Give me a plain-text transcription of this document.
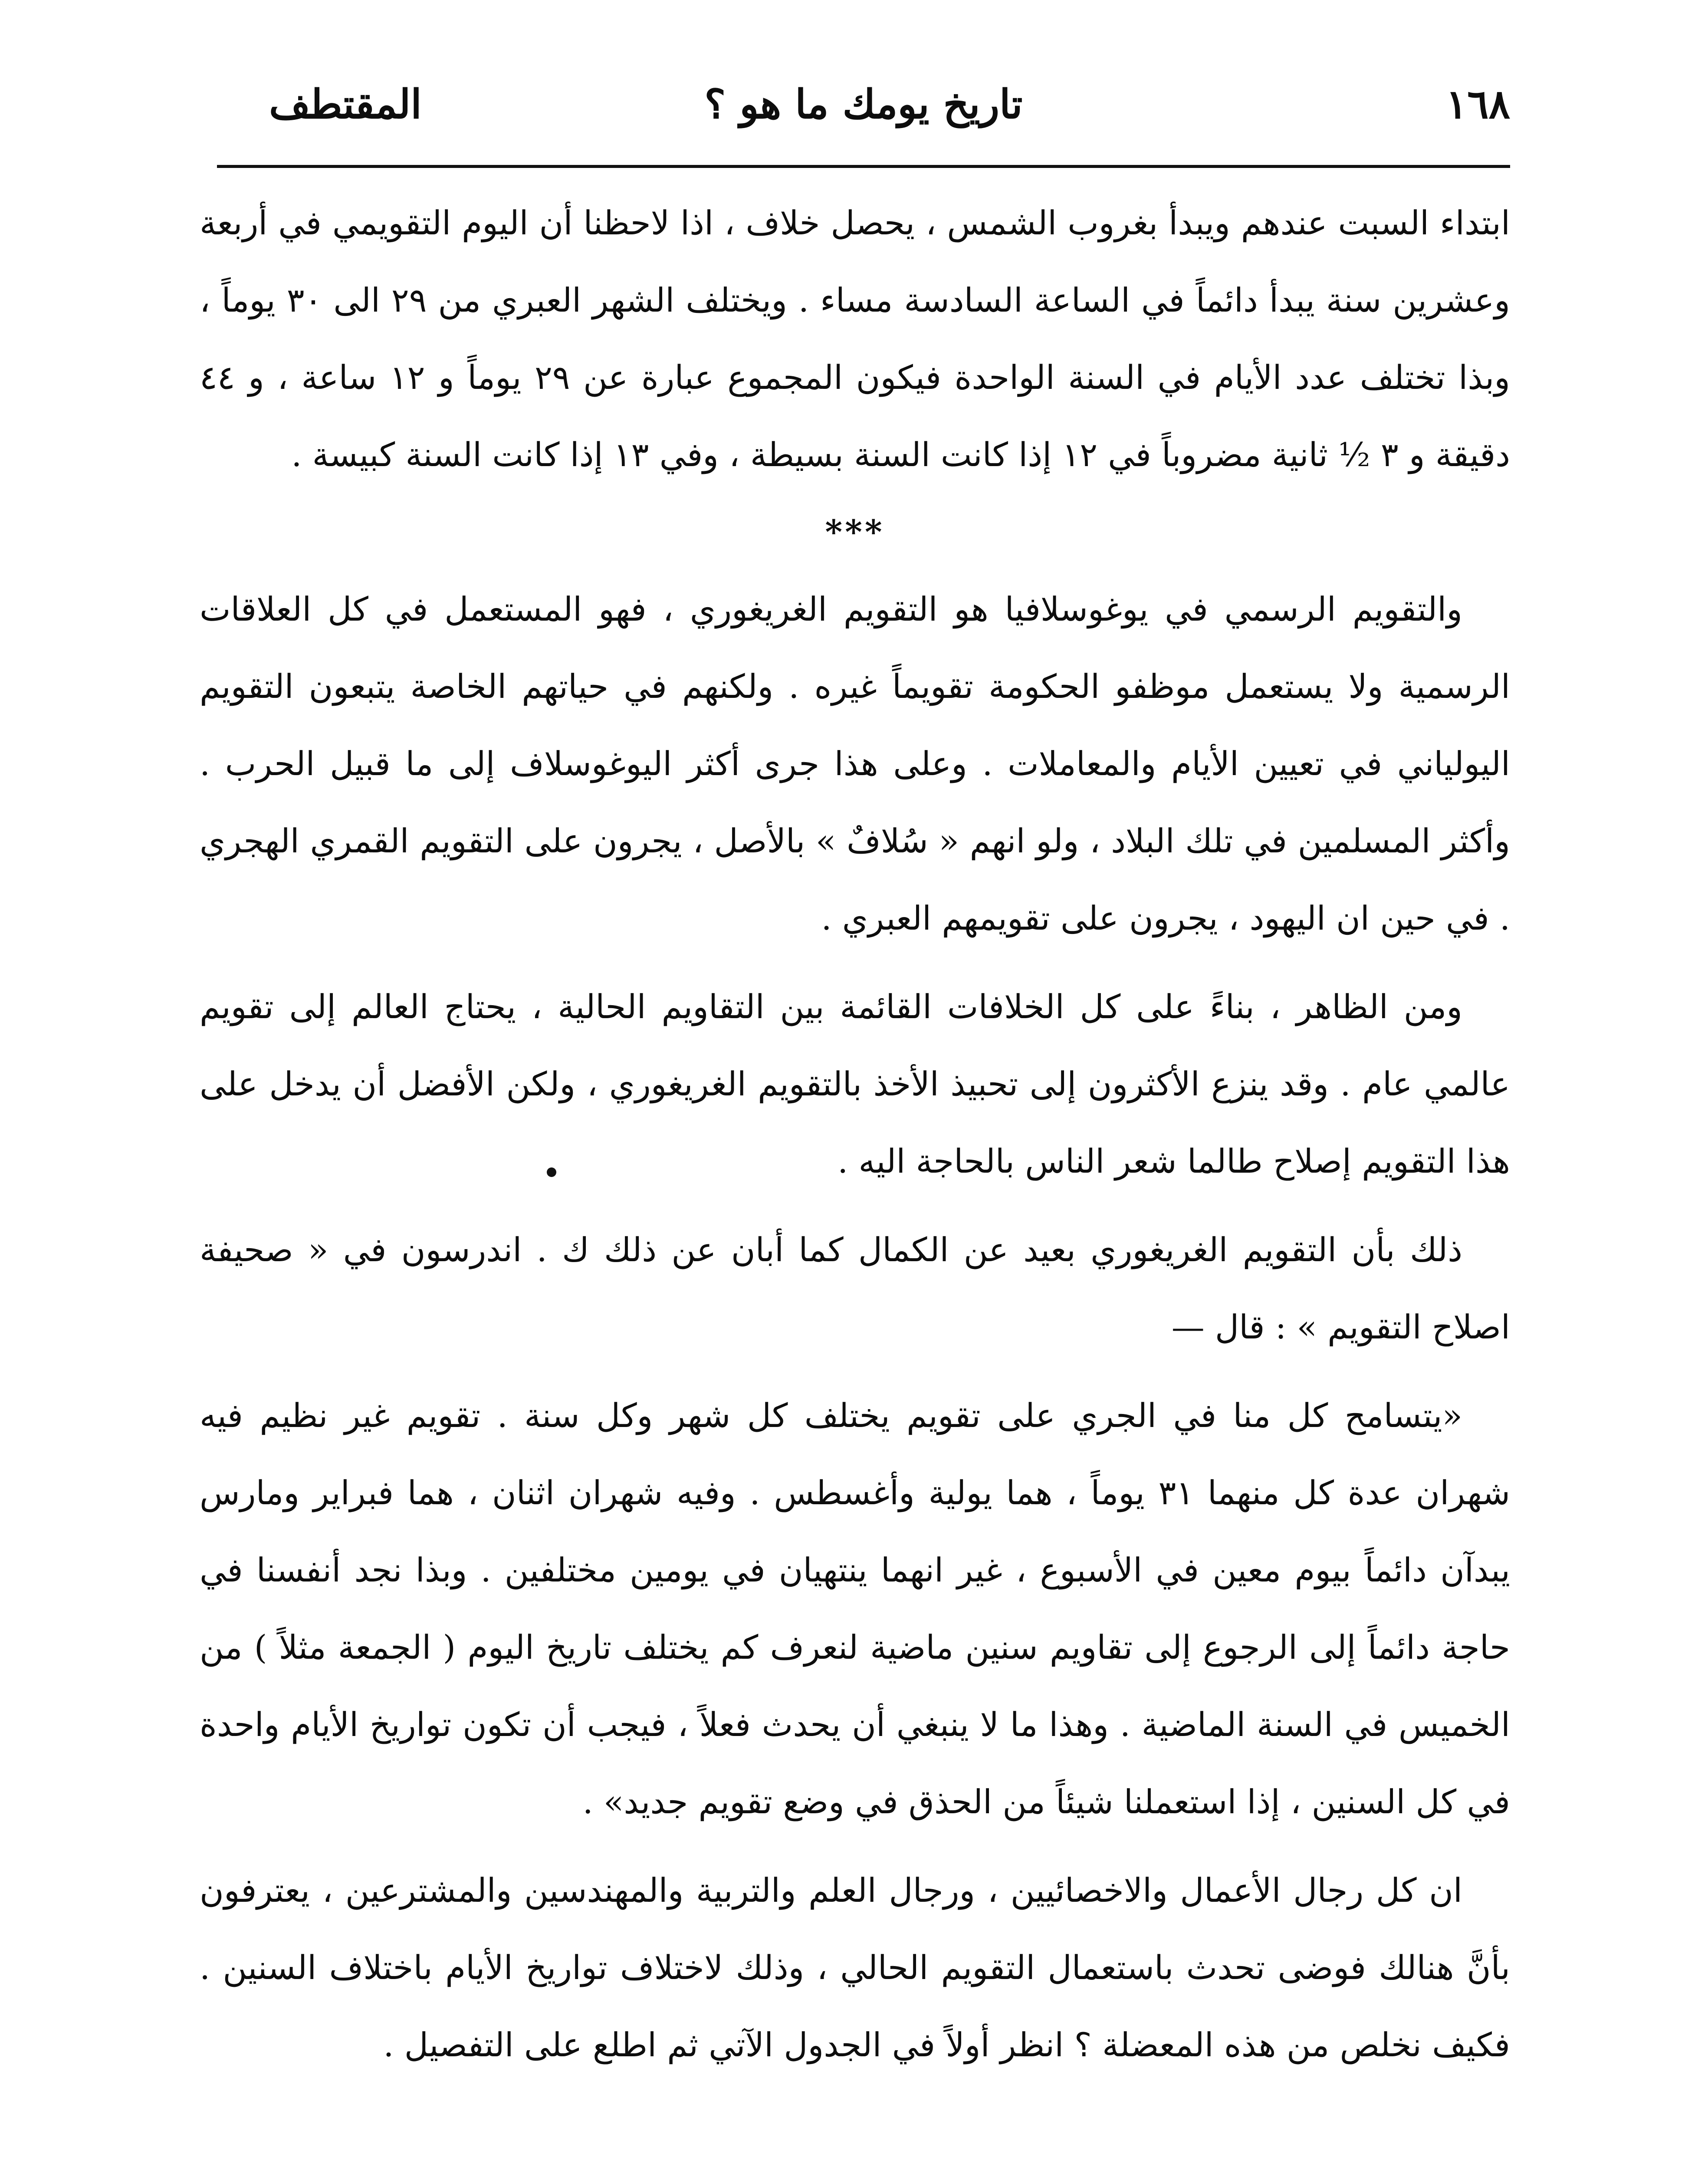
١٦٨
تاريخ يومك ما هو ؟
المقتطف

ابتداء السبت عندهم ويبدأ بغروب الشمس ، يحصل خلاف ، اذا لاحظنا أن اليوم التقويمي في أربعة وعشرين سنة يبدأ دائماً في الساعة السادسة مساء . ويختلف الشهر العبري من ٢٩ الى ٣٠ يوماً ، وبذا تختلف عدد الأيام في السنة الواحدة فيكون المجموع عبارة عن ٢٩ يوماً و ١٢ ساعة ، و ٤٤ دقيقة و ٣ ½ ثانية مضروباً في ١٢ إذا كانت السنة بسيطة ، وفي ١٣ إذا كانت السنة كبيسة .

***

والتقويم الرسمي في يوغوسلافيا هو التقويم الغريغوري ، فهو المستعمل في كل العلاقات الرسمية ولا يستعمل موظفو الحكومة تقويماً غيره . ولكنهم في حياتهم الخاصة يتبعون التقويم اليولياني في تعيين الأيام والمعاملات . وعلى هذا جرى أكثر اليوغوسلاف إلى ما قبيل الحرب . وأكثر المسلمين في تلك البلاد ، ولو انهم « سُلافٌ » بالأصل ، يجرون على التقويم القمري الهجري . في حين ان اليهود ، يجرون على تقويمهم العبري .

ومن الظاهر ، بناءً على كل الخلافات القائمة بين التقاويم الحالية ، يحتاج العالم إلى تقويم عالمي عام . وقد ينزع الأكثرون إلى تحبيذ الأخذ بالتقويم الغريغوري ، ولكن الأفضل أن يدخل على هذا التقويم إصلاح طالما شعر الناس بالحاجة اليه .

ذلك بأن التقويم الغريغوري بعيد عن الكمال كما أبان عن ذلك ك . اندرسون في « صحيفة اصلاح التقويم » : قال —

«يتسامح كل منا في الجري على تقويم يختلف كل شهر وكل سنة . تقويم غير نظيم فيه شهران عدة كل منهما ٣١ يوماً ، هما يولية وأغسطس . وفيه شهران اثنان ، هما فبراير ومارس يبدآن دائماً بيوم معين في الأسبوع ، غير انهما ينتهيان في يومين مختلفين . وبذا نجد أنفسنا في حاجة دائماً إلى الرجوع إلى تقاويم سنين ماضية لنعرف كم يختلف تاريخ اليوم ( الجمعة مثلاً ) من الخميس في السنة الماضية . وهذا ما لا ينبغي أن يحدث فعلاً ، فيجب أن تكون تواريخ الأيام واحدة في كل السنين ، إذا استعملنا شيئاً من الحذق في وضع تقويم جديد» .

ان كل رجال الأعمال والاخصائيين ، ورجال العلم والتربية والمهندسين والمشترعين ، يعترفون بأنَّ هنالك فوضى تحدث باستعمال التقويم الحالي ، وذلك لاختلاف تواريخ الأيام باختلاف السنين . فكيف نخلص من هذه المعضلة ؟ انظر أولاً في الجدول الآتي ثم اطلع على التفصيل .
